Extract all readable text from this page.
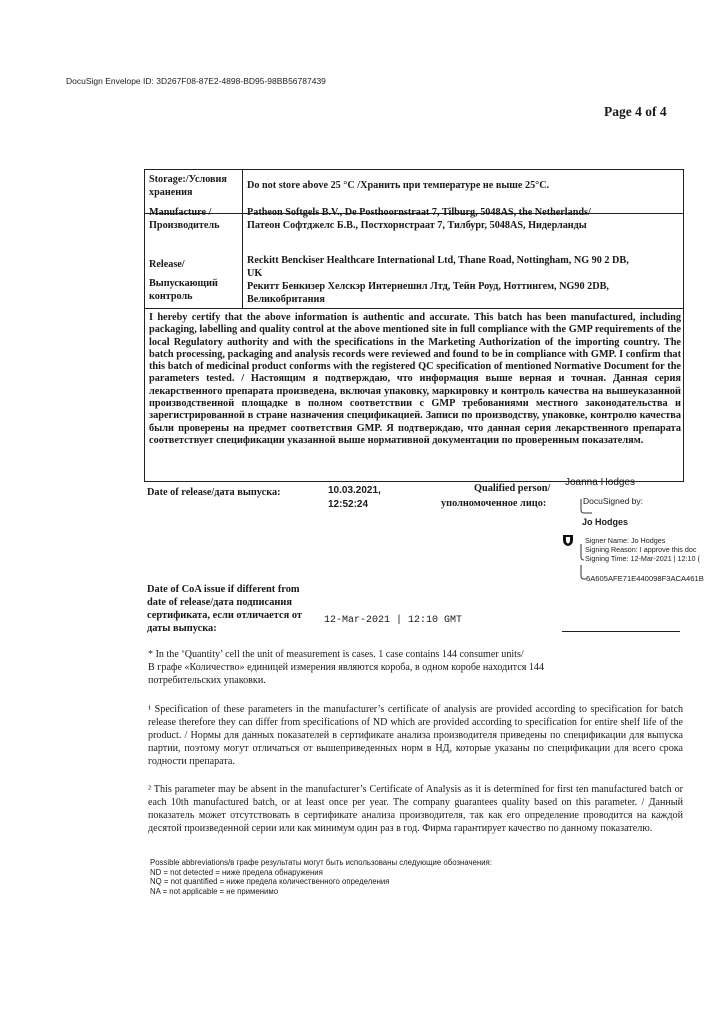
DocuSign Envelope ID: 3D267F08-87E2-4898-BD95-98BB56787439
Page 4 of 4
Storage:/Условия
хранения
Do not store above 25 °C /Хранить при температуре не выше 25°C.
Manufacture /
Производитель
Patheon Softgels B.V., De Posthoornstraat 7, Tilburg, 5048AS, the Netherlands/
Патеон Софтджелс Б.В., Постхорнстраат 7, Тилбург, 5048AS, Нидерланды
Release/
Выпускающий
контроль
Reckitt Benckiser Healthcare International Ltd, Thane Road, Nottingham, NG 90 2 DB,
UK
Рекитт Бенкизер Хелскэр Интернешнл Лтд, Тейн Роуд, Ноттингем, NG90 2DB,
Великобритания
I hereby certify that the above information is authentic and accurate. This batch has been manufactured, including packaging, labelling and quality control at the above mentioned site in full compliance with the GMP requirements of the local Regulatory authority and with the specifications in the Marketing Authorization of the importing country. The batch processing, packaging and analysis records were reviewed and found to be in compliance with GMP. I confirm that this batch of medicinal product conforms with the registered QC specification of mentioned Normative Document for the parameters tested. / Настоящим я подтверждаю, что информация выше верная и точная. Данная серия лекарственного препарата произведена, включая упаковку, маркировку и контроль качества на вышеуказанной производственной площадке в полном соответствии с GMP требованиями местного законодательства и зарегистрированной в стране назначения спецификацией. Записи по производству, упаковке, контролю качества были проверены на предмет соответствия GMP. Я подтверждаю, что данная серия лекарственного препарата соответствует спецификации указанной выше нормативной документации по проверенным показателям.
Date of release/дата выпуска:	10.03.2021,
12:52:24
Qualified person/
уполномоченное лицо:
Joanna Hodges
DocuSigned by:
Jo Hodges
Signer Name: Jo Hodges
Signing Reason: I approve this doc
Signing Time: 12-Mar-2021 | 12:10 (
6A605AFE71E440098F3ACA461B
Date of CoA issue if different from
date of release/дата подписания
сертификата, если отличается от
даты выпуска:
12-Mar-2021 | 12:10 GMT
* In the ‘Quantity’ cell the unit of measurement is cases. 1 case contains 144 consumer units/
В графе «Количество» единицей измерения являются короба, в одном коробе находится 144
потребительских упаковки.
¹ Specification of these parameters in the manufacturer’s certificate of analysis are provided according to specification for batch release therefore they can differ from specifications of ND which are provided according to specification for entire shelf life of the product. / Нормы для данных показателей в сертификате анализа производителя приведены по спецификации для выпуска партии, поэтому могут отличаться от вышеприведенных норм в НД, которые указаны по спецификации для всего срока годности препарата.
² This parameter may be absent in the manufacturer’s Certificate of Analysis as it is determined for first ten manufactured batch or each 10th manufactured batch, or at least once per year. The company guarantees quality based on this parameter. / Данный показатель может отсутствовать в сертификате анализа производителя, так как его определение проводится на каждой десятой произведенной серии или как минимум один раз в год. Фирма гарантирует качество по данному показателю.
Possible abbreviations/в графе результаты могут быть использованы следующие обозначения:
ND = not detected = ниже предела обнаружения
NQ = not quantified = ниже предела количественного определения
NA = not applicable = не применимо
